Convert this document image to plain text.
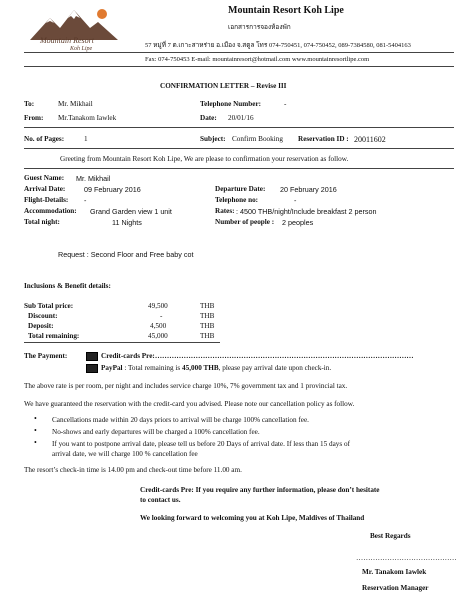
Mountain Resort
Koh Lipe
Mountain Resort Koh Lipe
เอกสารการจองห้องพัก
57 หมู่ที่ 7 ต.เกาะสาหร่าย อ.เมือง จ.สตูล โทร 074-750451, 074-750452, 089-7384580, 081-5404163
Fax: 074-750453 E-mail: mountainresort@hotmail.com www.mountainresortlipe.com
CONFIRMATION LETTER – Revise III
To:	Mr. Mikhail	Telephone Number:	-
From: Mr.Tanakom Iawlek	Date: 20/01/16
No. of Pages:	1	Subject: Confirm Booking Reservation ID : 20011602
Greeting from Mountain Resort Koh Lipe, We are please to confirmation your reservation as follow.
Guest Name: Mr. Mikhail
Arrival Date:	09 February 2016	Departure Date: 20 February 2016
Flight-Details: -	Telephone no:	-
Accommodation: Grand Garden view 1 unit	Rates: : 4500 THB/night/Include breakfast 2 person
Total night:	11 Nights	Number of people : 2 peoples
Request : Second Floor and Free baby cot
Inclusions & Benefit details:
Sub Total price:	49,500	THB
Discount:	-	THB
Deposit:	4,500	THB
Total remaining:	45,000	THB
The Payment:	Credit-cards Pre:………………………………………………………………………………………………
PayPal : Total remaining is 45,000 THB, please pay arrival date upon check-in.
The above rate is per room, per night and includes service charge 10%, 7% government tax and 1 provincial tax.
We have guaranteed the reservation with the credit-card you advised. Please note our cancellation policy as follow.
• Cancellations made within 20 days priors to arrival will be charge 100% cancellation fee.
• No-shows and early departures will be charged a 100% cancellation fee.
• If you want to postpone arrival date, please tell us before 20 Days of arrival date. If less than 15 days of
arrival date, we will charge 100 % cancellation fee
The resort’s check-in time is 14.00 pm and check-out time before 11.00 am.
Credit-cards Pre: If you require any further information, please don’t hesitate
to contact us.
We looking forward to welcoming you at Koh Lipe, Maldives of Thailand
Best Regards
……………………………………
Mr. Tanakom Iawlek
Reservation Manager
